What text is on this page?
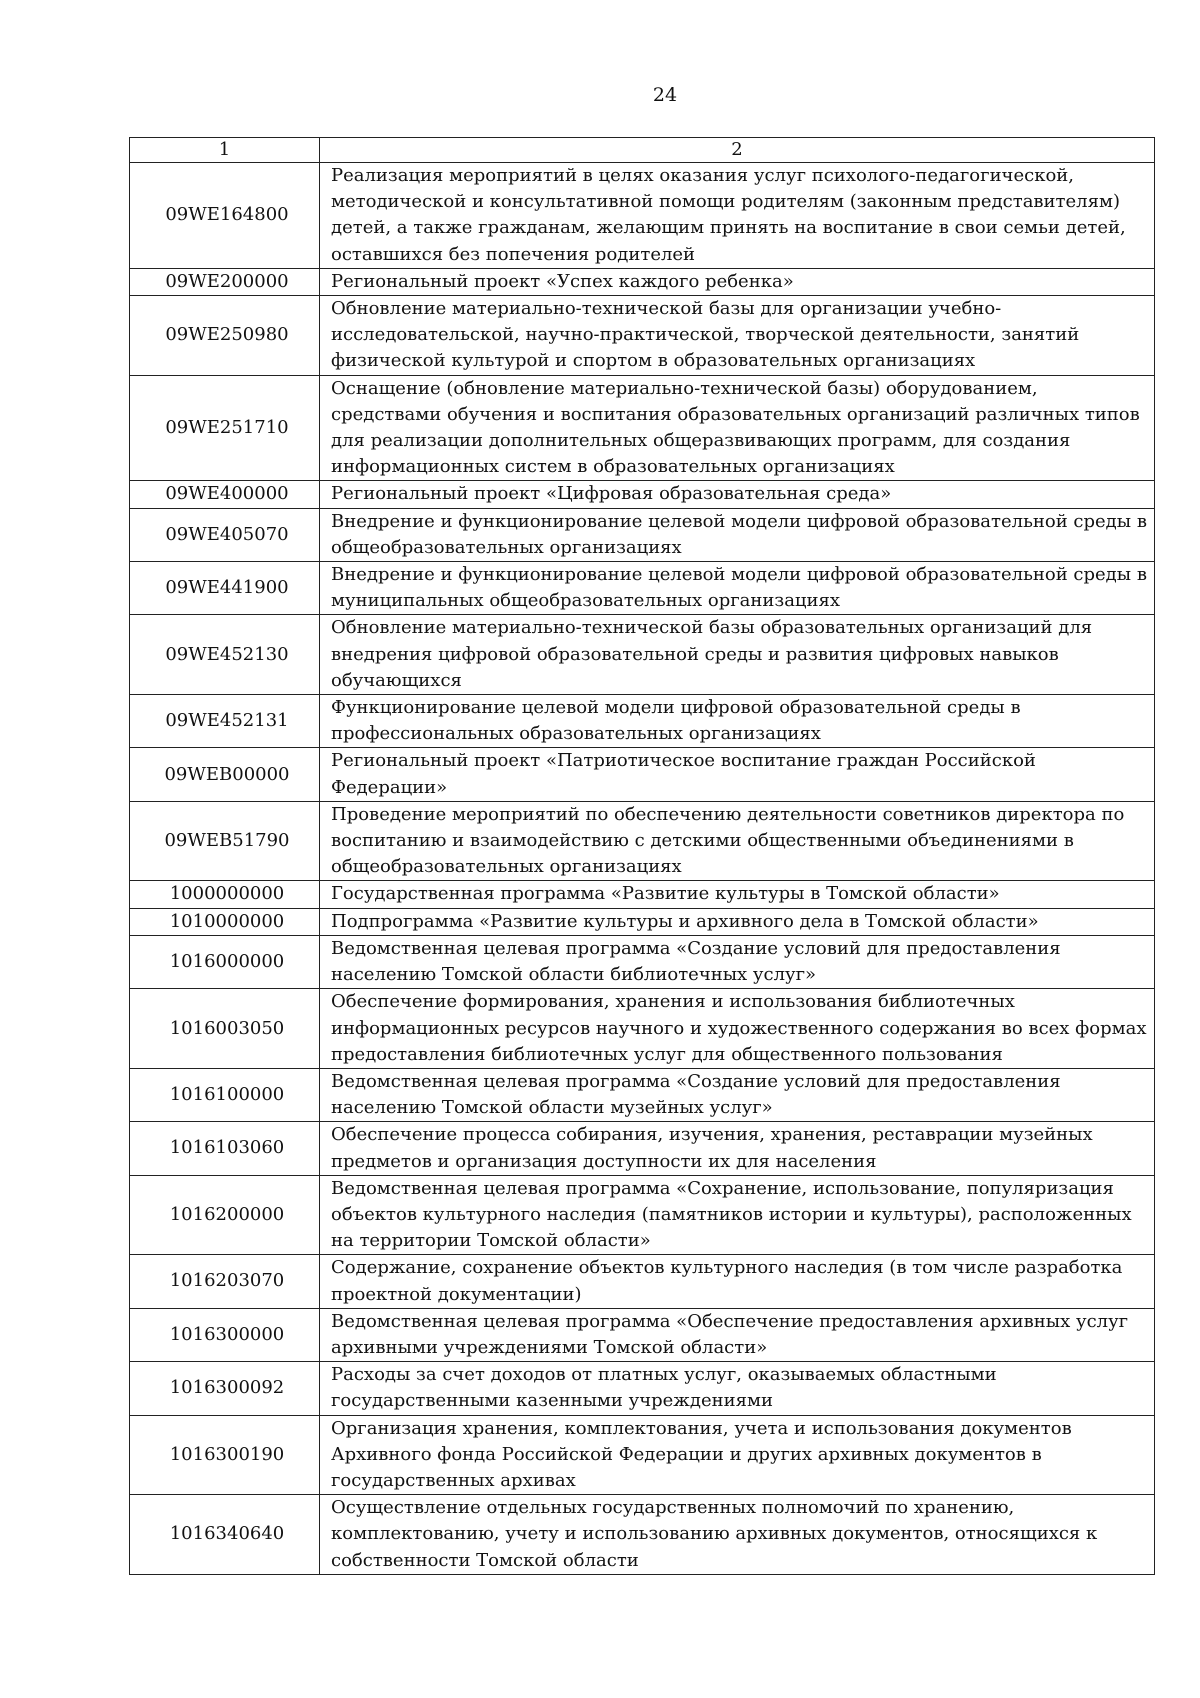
24
1	2
09WE164800	Реализация мероприятий в целях оказания услуг психолого-педагогической, методической и консультативной помощи родителям (законным представителям) детей, а также гражданам, желающим принять на воспитание в свои семьи детей, оставшихся без попечения родителей
09WE200000	Региональный проект «Успех каждого ребенка»
09WE250980	Обновление материально-технической базы для организации учебно-исследовательской, научно-практической, творческой деятельности, занятий физической культурой и спортом в образовательных организациях
09WE251710	Оснащение (обновление материально-технической базы) оборудованием, средствами обучения и воспитания образовательных организаций различных типов для реализации дополнительных общеразвивающих программ, для создания информационных систем в образовательных организациях
09WE400000	Региональный проект «Цифровая образовательная среда»
09WE405070	Внедрение и функционирование целевой модели цифровой образовательной среды в общеобразовательных организациях
09WE441900	Внедрение и функционирование целевой модели цифровой образовательной среды в муниципальных общеобразовательных организациях
09WE452130	Обновление материально-технической базы образовательных организаций для внедрения цифровой образовательной среды и развития цифровых навыков обучающихся
09WE452131	Функционирование целевой модели цифровой образовательной среды в профессиональных образовательных организациях
09WEB00000	Региональный проект «Патриотическое воспитание граждан Российской Федерации»
09WEB51790	Проведение мероприятий по обеспечению деятельности советников директора по воспитанию и взаимодействию с детскими общественными объединениями в общеобразовательных организациях
1000000000	Государственная программа «Развитие культуры в Томской области»
1010000000	Подпрограмма «Развитие культуры и архивного дела в Томской области»
1016000000	Ведомственная целевая программа «Создание условий для предоставления населению Томской области библиотечных услуг»
1016003050	Обеспечение формирования, хранения и использования библиотечных информационных ресурсов научного и художественного содержания во всех формах предоставления библиотечных услуг для общественного пользования
1016100000	Ведомственная целевая программа «Создание условий для предоставления населению Томской области музейных услуг»
1016103060	Обеспечение процесса собирания, изучения, хранения, реставрации музейных предметов и организация доступности их для населения
1016200000	Ведомственная целевая программа «Сохранение, использование, популяризация объектов культурного наследия (памятников истории и культуры), расположенных на территории Томской области»
1016203070	Содержание, сохранение объектов культурного наследия (в том числе разработка проектной документации)
1016300000	Ведомственная целевая программа «Обеспечение предоставления архивных услуг архивными учреждениями Томской области»
1016300092	Расходы за счет доходов от платных услуг, оказываемых областными государственными казенными учреждениями
1016300190	Организация хранения, комплектования, учета и использования документов Архивного фонда Российской Федерации и других архивных документов в государственных архивах
1016340640	Осуществление отдельных государственных полномочий по хранению, комплектованию, учету и использованию архивных документов, относящихся к собственности Томской области
